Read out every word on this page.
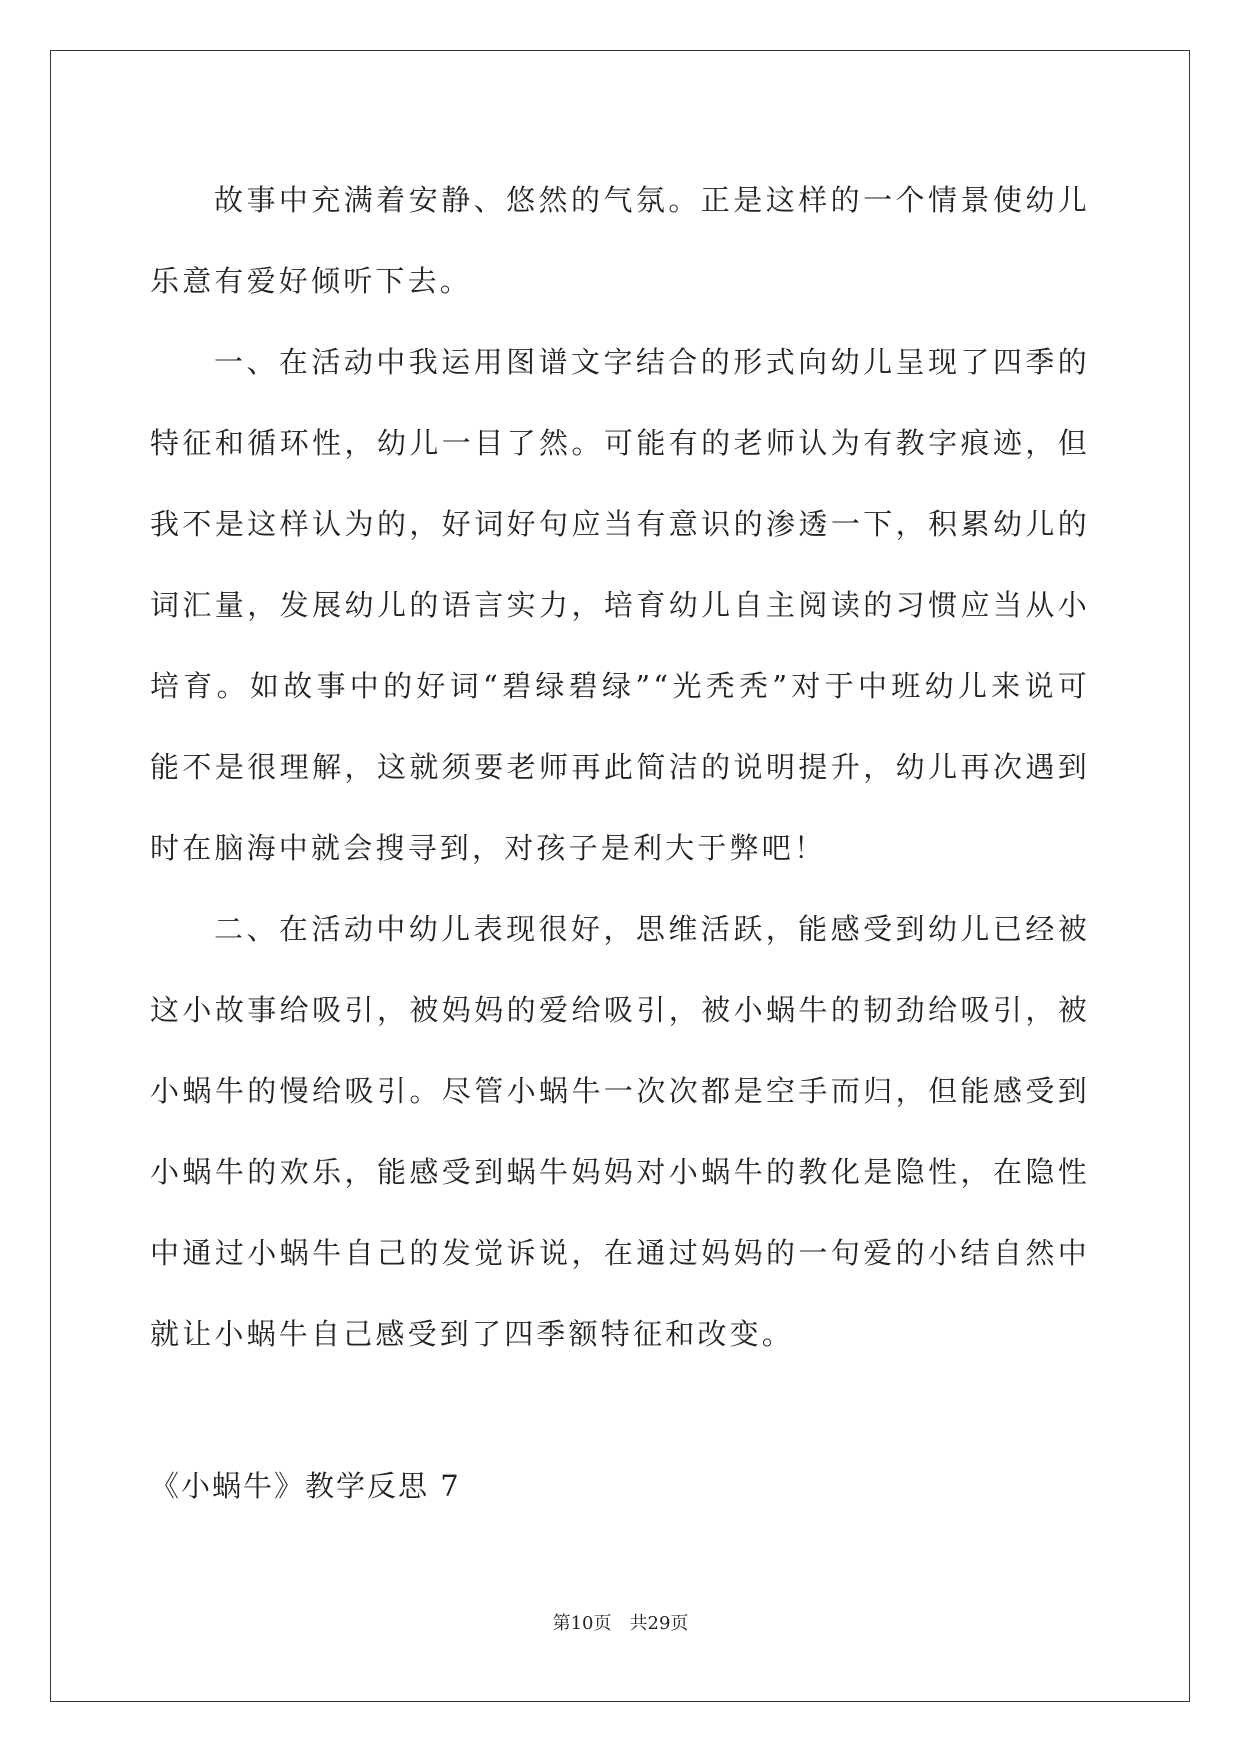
故事中充满着安静、悠然的气氛。正是这样的一个情景使幼儿乐意有爱好倾听下去。

一、在活动中我运用图谱文字结合的形式向幼儿呈现了四季的特征和循环性，幼儿一目了然。可能有的老师认为有教字痕迹，但我不是这样认为的，好词好句应当有意识的渗透一下，积累幼儿的词汇量，发展幼儿的语言实力，培育幼儿自主阅读的习惯应当从小培育。如故事中的好词“碧绿碧绿”“光秃秃”对于中班幼儿来说可能不是很理解，这就须要老师再此简洁的说明提升，幼儿再次遇到时在脑海中就会搜寻到，对孩子是利大于弊吧！

二、在活动中幼儿表现很好，思维活跃，能感受到幼儿已经被这小故事给吸引，被妈妈的爱给吸引，被小蜗牛的韧劲给吸引，被小蜗牛的慢给吸引。尽管小蜗牛一次次都是空手而归，但能感受到小蜗牛的欢乐，能感受到蜗牛妈妈对小蜗牛的教化是隐性，在隐性中通过小蜗牛自己的发觉诉说，在通过妈妈的一句爱的小结自然中就让小蜗牛自己感受到了四季额特征和改变。

《小蜗牛》教学反思 7

第10页　共29页
